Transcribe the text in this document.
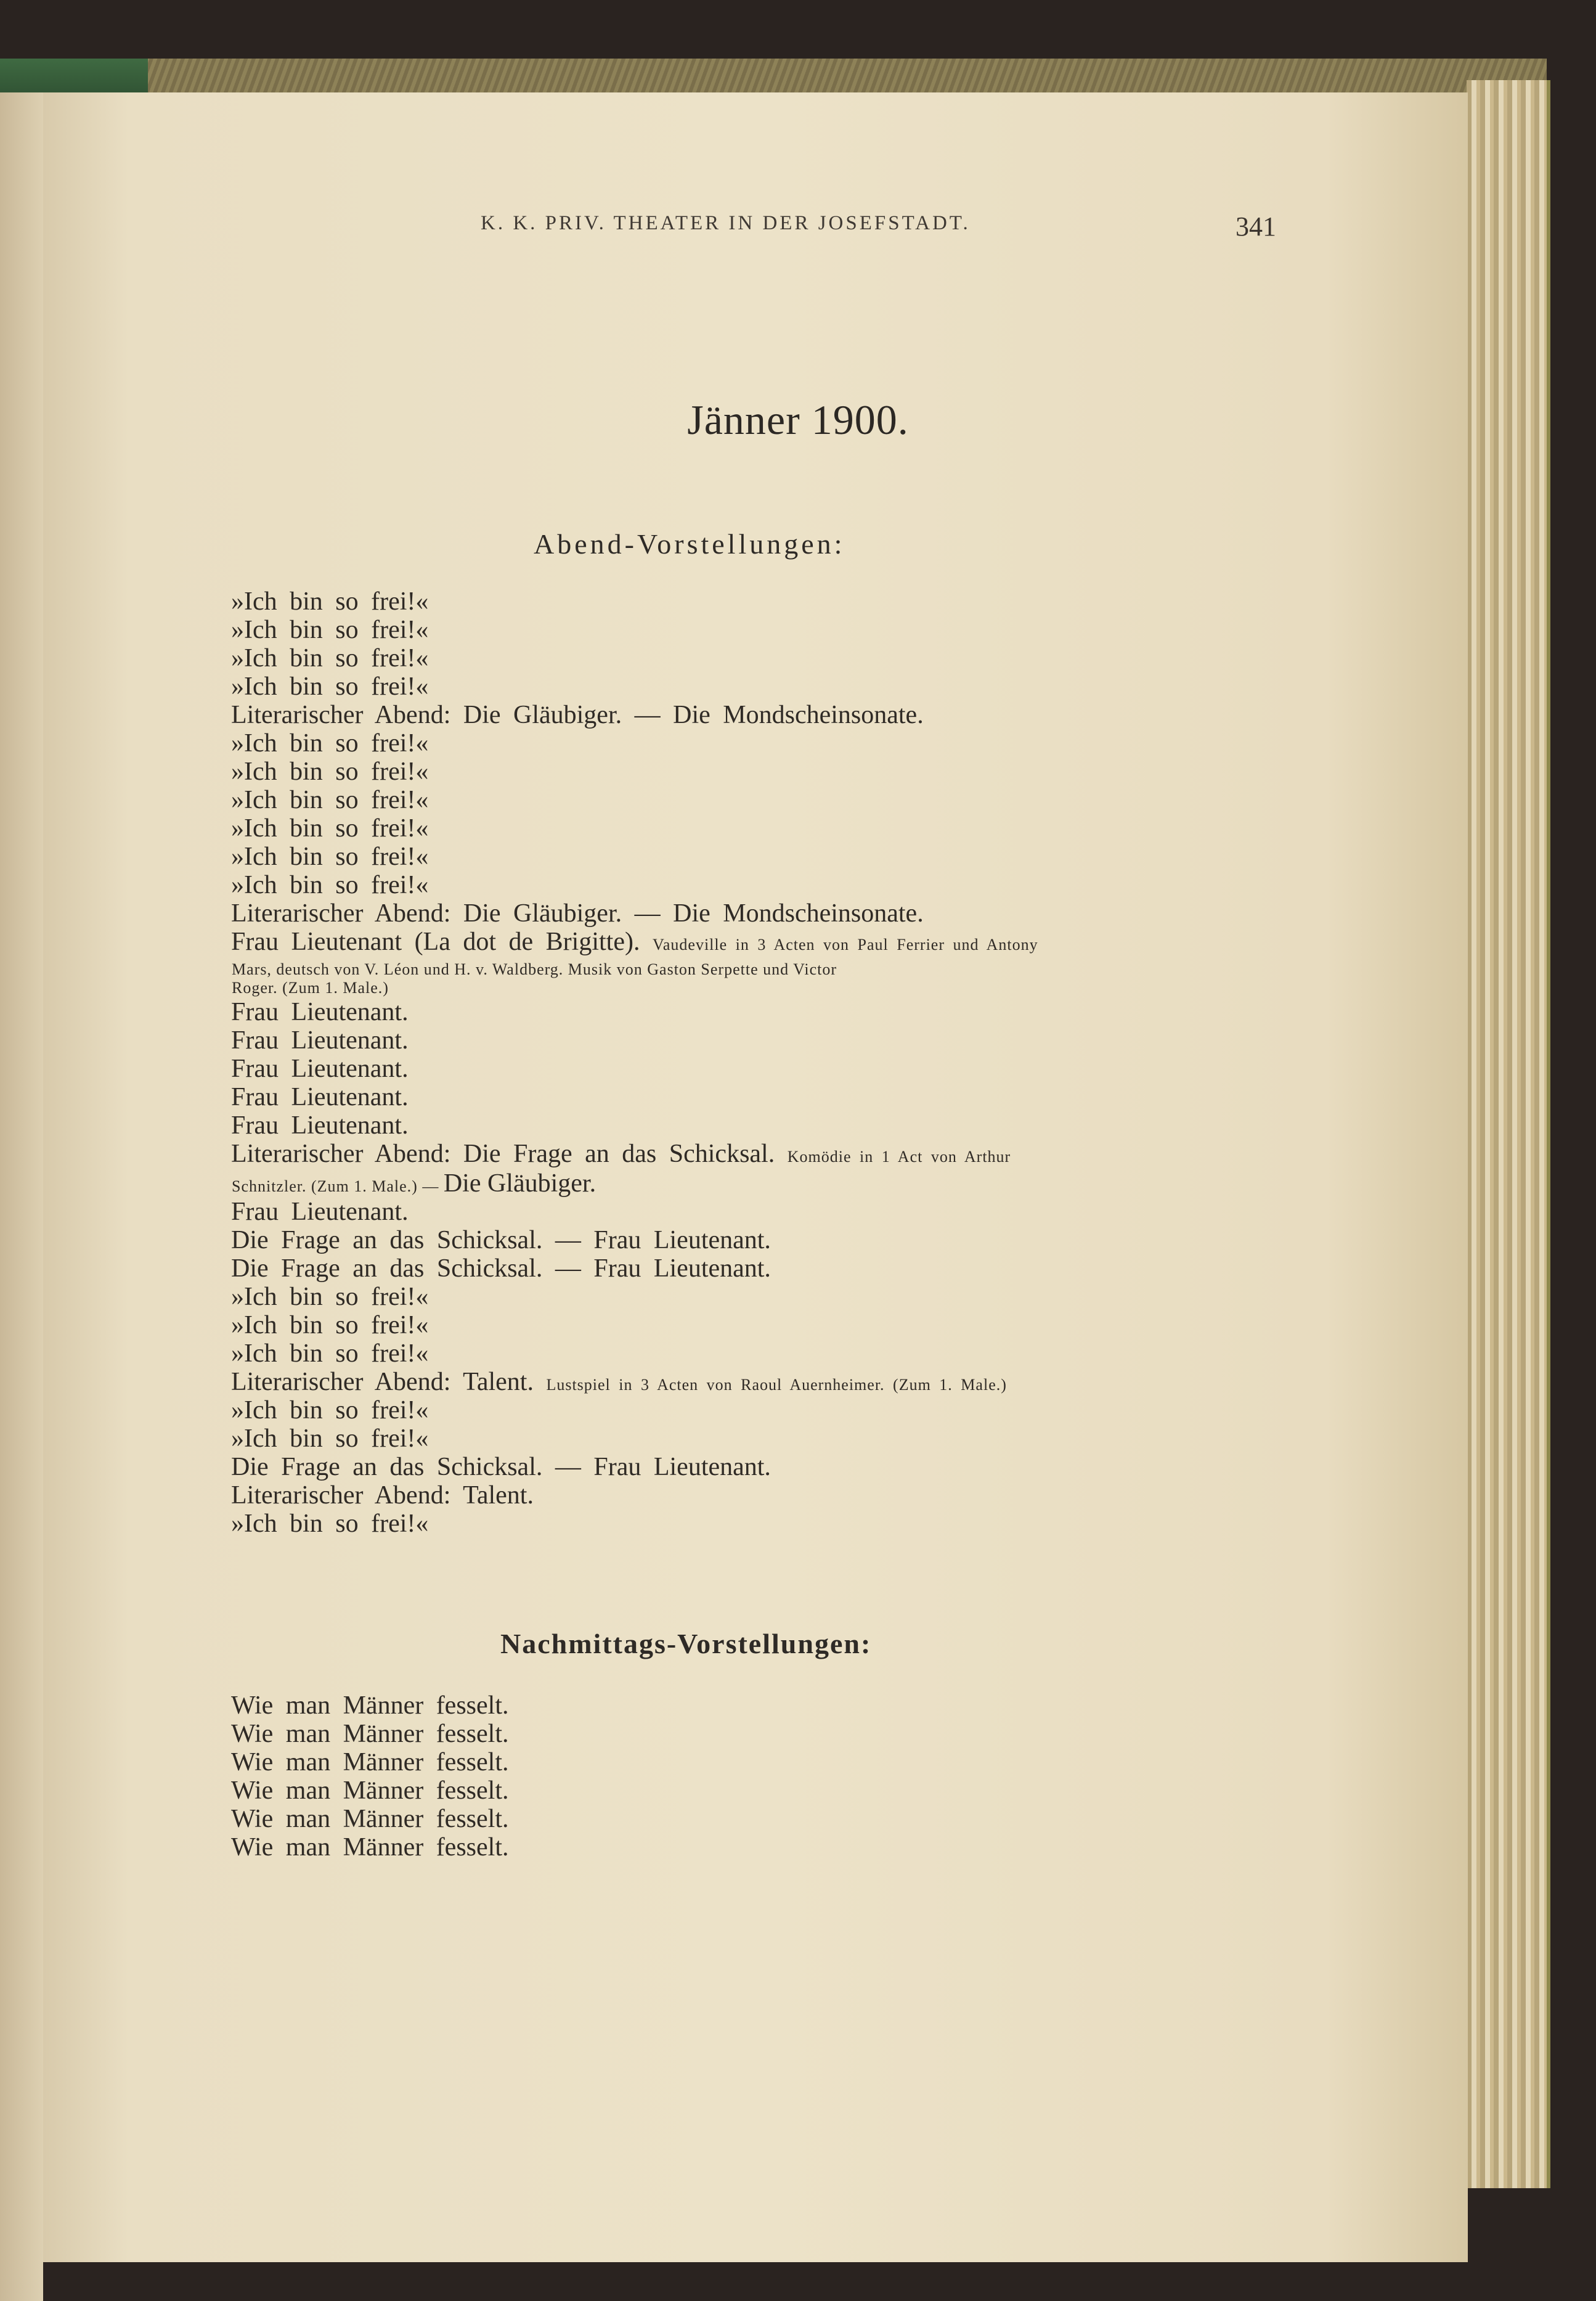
K. K. PRIV. THEATER IN DER JOSEFSTADT.	341
Jänner 1900.
Abend-Vorstellungen:
»Ich bin so frei!«
»Ich bin so frei!«
»Ich bin so frei!«
»Ich bin so frei!«
Literarischer Abend: Die Gläubiger. — Die Mondscheinsonate.
»Ich bin so frei!«
»Ich bin so frei!«
»Ich bin so frei!«
»Ich bin so frei!«
»Ich bin so frei!«
»Ich bin so frei!«
Literarischer Abend: Die Gläubiger. — Die Mondscheinsonate.
Frau Lieutenant (La dot de Brigitte). Vaudeville in 3 Acten von Paul Ferrier und Antony
Mars, deutsch von V. Léon und H. v. Waldberg. Musik von Gaston Serpette und Victor
Roger. (Zum 1. Male.)
Frau Lieutenant.
Frau Lieutenant.
Frau Lieutenant.
Frau Lieutenant.
Frau Lieutenant.
Literarischer Abend: Die Frage an das Schicksal. Komödie in 1 Act von Arthur
Schnitzler. (Zum 1. Male.) — Die Gläubiger.
Frau Lieutenant.
Die Frage an das Schicksal. — Frau Lieutenant.
Die Frage an das Schicksal. — Frau Lieutenant.
»Ich bin so frei!«
»Ich bin so frei!«
»Ich bin so frei!«
Literarischer Abend: Talent. Lustspiel in 3 Acten von Raoul Auernheimer. (Zum 1. Male.)
»Ich bin so frei!«
»Ich bin so frei!«
Die Frage an das Schicksal. — Frau Lieutenant.
Literarischer Abend: Talent.
»Ich bin so frei!«
Nachmittags-Vorstellungen:
Wie man Männer fesselt.
Wie man Männer fesselt.
Wie man Männer fesselt.
Wie man Männer fesselt.
Wie man Männer fesselt.
Wie man Männer fesselt.
